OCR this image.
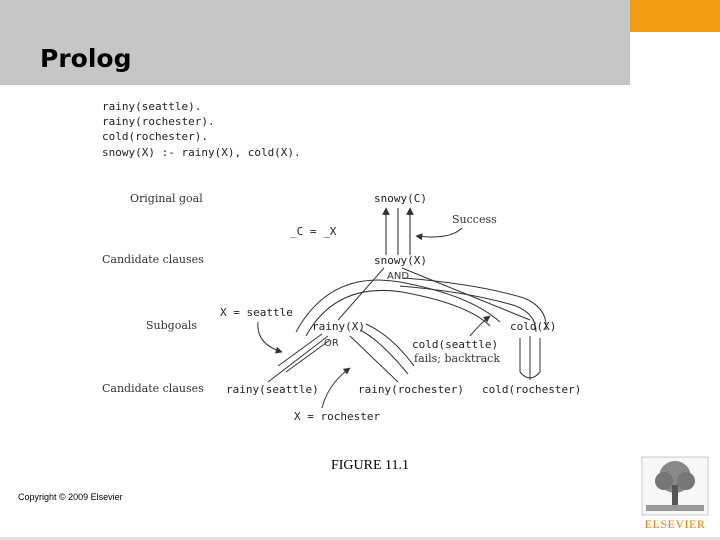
Prolog
rainy(seattle).
rainy(rochester).
cold(rochester).
snowy(X) :- rainy(X), cold(X).
Original goal
Candidate clauses
Subgoals
Candidate clauses
snowy(C)
Success
_C = _X
snowy(X)
AND
X = seattle
rainy(X)
OR
cold(X)
cold(seattle)
fails; backtrack
rainy(seattle)	rainy(rochester) cold(rochester)
X = rochester
FIGURE 11.1
Copyright © 2009 Elsevier
ELSEVIER
